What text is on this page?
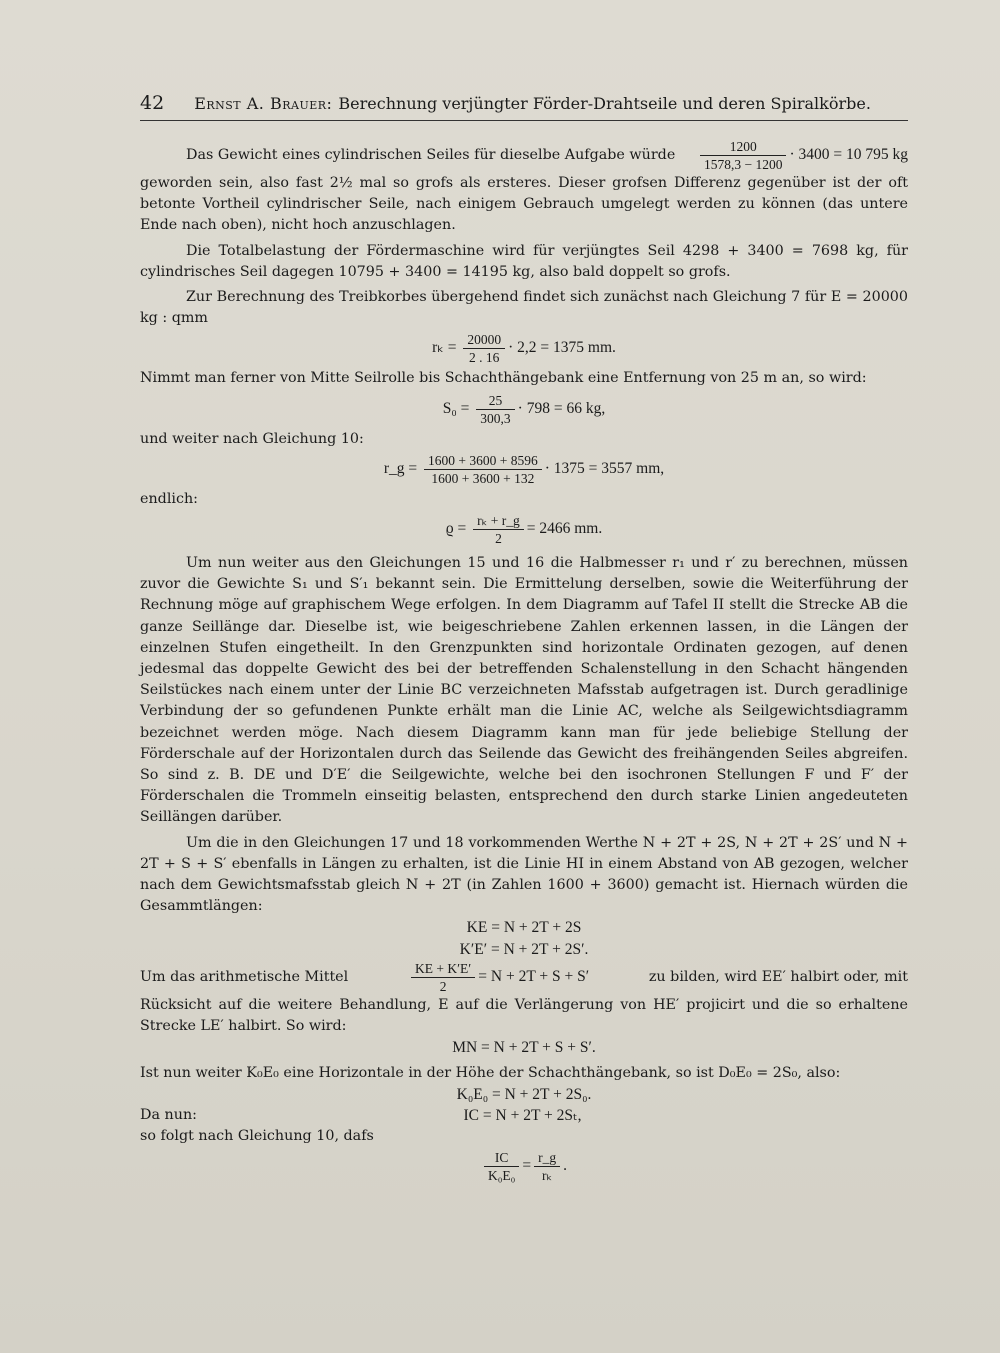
42 Ernst A. Brauer: Berechnung verjüngter Förder-Drahtseile und deren Spiralkörbe.
Das Gewicht eines cylindrischen Seiles für dieselbe Aufgabe würde $\frac{1200}{1578,3 - 1200} \cdot 3400 = 10$ 795 kg

geworden sein, also fast 2½ mal so grofs als ersteres. Dieser grofsen Differenz gegenüber ist der oft betonte Vortheil cylindrischer Seile, nach einigem Gebrauch umgelegt werden zu können (das untere Ende nach oben), nicht hoch anzuschlagen.

Die Totalbelastung der Fördermaschine wird für verjüngtes Seil 4298 + 3400 = 7698 kg, für cylindrisches Seil dagegen 10795 + 3400 = 14195 kg, also bald doppelt so grofs.

Zur Berechnung des Treibkorbes übergehend findet sich zunächst nach Gleichung 7 für E = 20000 kg : qmm

$r_k = \frac{20000}{2 . 16} \cdot 2,2 = 1375$ mm.

Nimmt man ferner von Mitte Seilrolle bis Schachthängebank eine Entfernung von 25 m an, so wird:

$S_0 = \frac{25}{300,3} \cdot 798 = 66$ kg,
und weiter nach Gleichung 10:
r_g = $\frac{1600 + 3600 + 8596}{1600 + 3600 + 132} \cdot 1375 = 3557$ mm,
endlich:
$ϱ = \frac{\text{rₖ + r\_g}}{2} = 2466$ mm.

Um nun weiter aus den Gleichungen 15 und 16 die Halbmesser r₁ und r′ zu berechnen, müssen zuvor die Gewichte S₁ und S′₁ bekannt sein. Die Ermittelung derselben, sowie die Weiterführung der Rechnung möge auf graphischem Wege erfolgen. In dem Diagramm auf Tafel II stellt die Strecke AB die ganze Seillänge dar. Dieselbe ist, wie beigeschriebene Zahlen erkennen lassen, in die Längen der einzelnen Stufen eingetheilt. In den Grenzpunkten sind horizontale Ordinaten gezogen, auf denen jedesmal das doppelte Gewicht des bei der betreffenden Schalenstellung in den Schacht hängenden Seilstückes nach einem unter der Linie BC verzeichneten Mafsstab aufgetragen ist. Durch geradlinige Verbindung der so gefundenen Punkte erhält man die Linie AC, welche als Seilgewichtsdiagramm bezeichnet werden möge. Nach diesem Diagramm kann man für jede beliebige Stellung der Förderschale auf der Horizontalen durch das Seilende das Gewicht des freihängenden Seiles abgreifen. So sind z. B. DE und D′E′ die Seilgewichte, welche bei den isochronen Stellungen F und F′ der Förderschalen die Trommeln einseitig belasten, entsprechend den durch starke Linien angedeuteten Seillängen darüber.

Um die in den Gleichungen 17 und 18 vorkommenden Werthe N + 2T + 2S, N + 2T + 2S′ und N + 2T + S + S′ ebenfalls in Längen zu erhalten, ist die Linie HI in einem Abstand von AB gezogen, welcher nach dem Gewichtsmafsstab gleich N + 2T (in Zahlen 1600 + 3600) gemacht ist. Hiernach würden die Gesammtlängen:

KE = N + 2T + 2S
K′E′ = N + 2T + 2S′.
Um das arithmetische Mittel	$\frac{KE + K'E'}{2} = N + 2T + S + S'$	zu bilden, wird EE′ halbirt oder, mit

Rücksicht auf die weitere Behandlung, E auf die Verlängerung von HE′ projicirt und die so erhaltene Strecke LE′ halbirt. So wird:

MN = N + 2T + S + S′.

Ist nun weiter K₀E₀ eine Horizontale in der Höhe der Schachthängebank, so ist D₀E₀ = 2S₀, also:

K₀E₀ = N + 2T + 2S₀.
Da nun:	IC = N + 2T + 2Sₜ,
so folgt nach Gleichung 10, dafs
$\frac{IC}{\text{K₀E₀}} = \frac{r\_g}{\text{rₖ}}$ .
